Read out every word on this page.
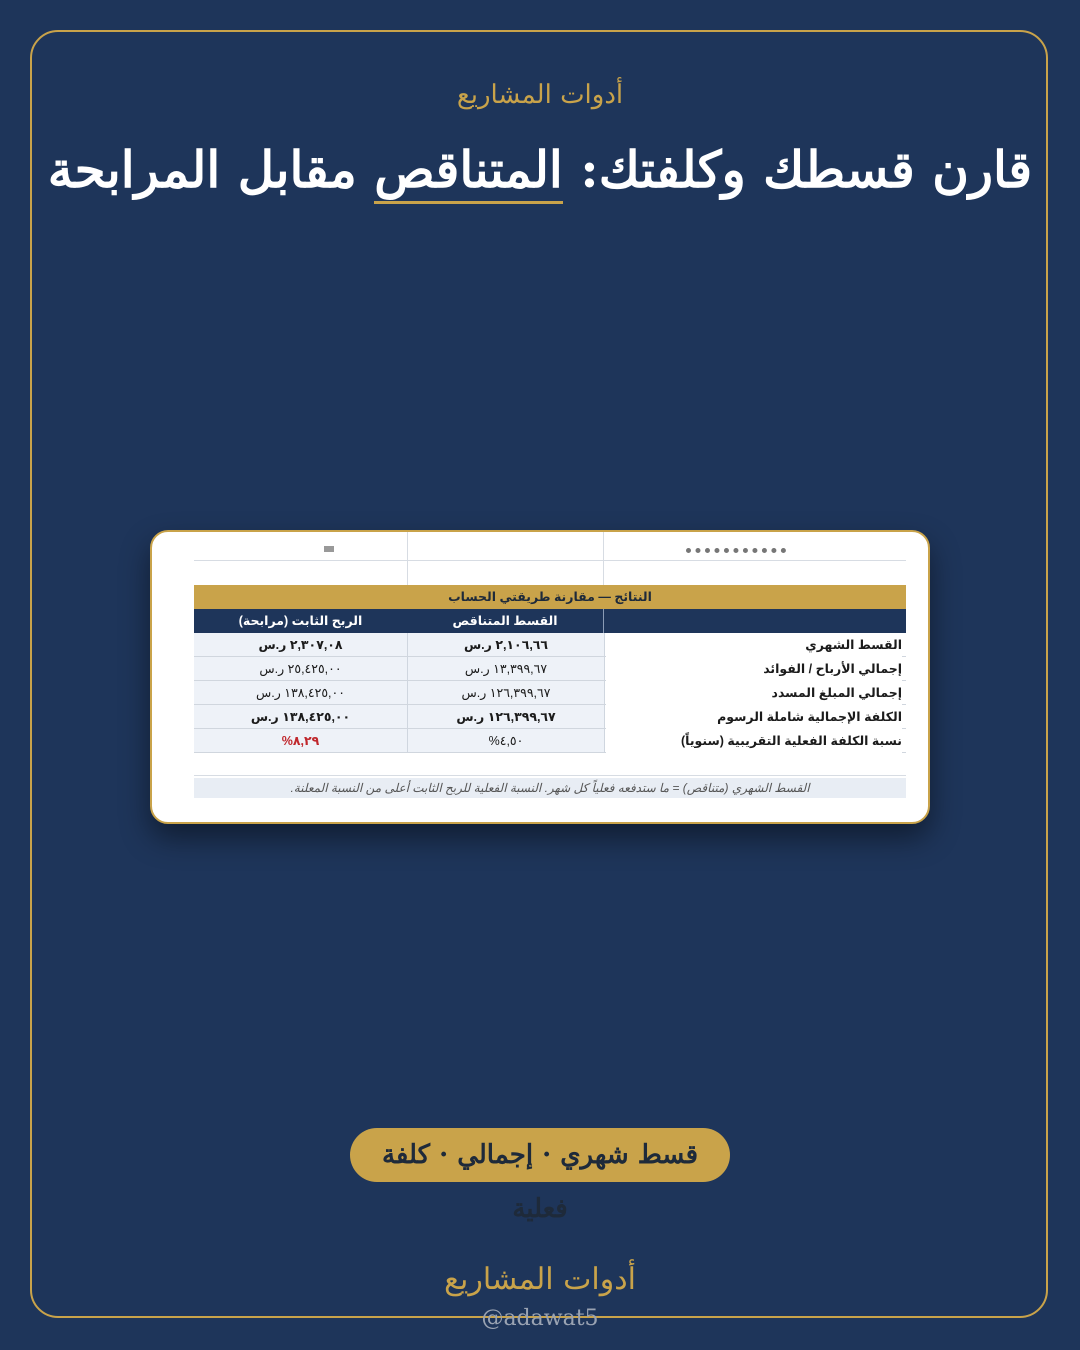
أدوات المشاريع
قارن قسطك وكلفتك: المتناقص مقابل المرابحة
النتائج — مقارنة طريقتي الحساب
القسط المتناقص
الربح الثابت (مرابحة)
القسط الشهري
٢,١٠٦,٦٦ ر.س
٢,٣٠٧,٠٨ ر.س
إجمالي الأرباح / الفوائد
١٣,٣٩٩,٦٧ ر.س
٢٥,٤٢٥,٠٠ ر.س
إجمالي المبلغ المسدد
١٢٦,٣٩٩,٦٧ ر.س
١٣٨,٤٢٥,٠٠ ر.س
الكلفة الإجمالية شاملة الرسوم
١٢٦,٣٩٩,٦٧ ر.س
١٣٨,٤٢٥,٠٠ ر.س
نسبة الكلفة الفعلية التقريبية (سنوياً)
٤,٥٠%
٨,٢٩%
القسط الشهري (متناقص) = ما ستدفعه فعلياً كل شهر. النسبة الفعلية للربح الثابت أعلى من النسبة المعلنة.
قسط شهري · إجمالي · كلفة فعلية
أدوات المشاريع
@adawat5
